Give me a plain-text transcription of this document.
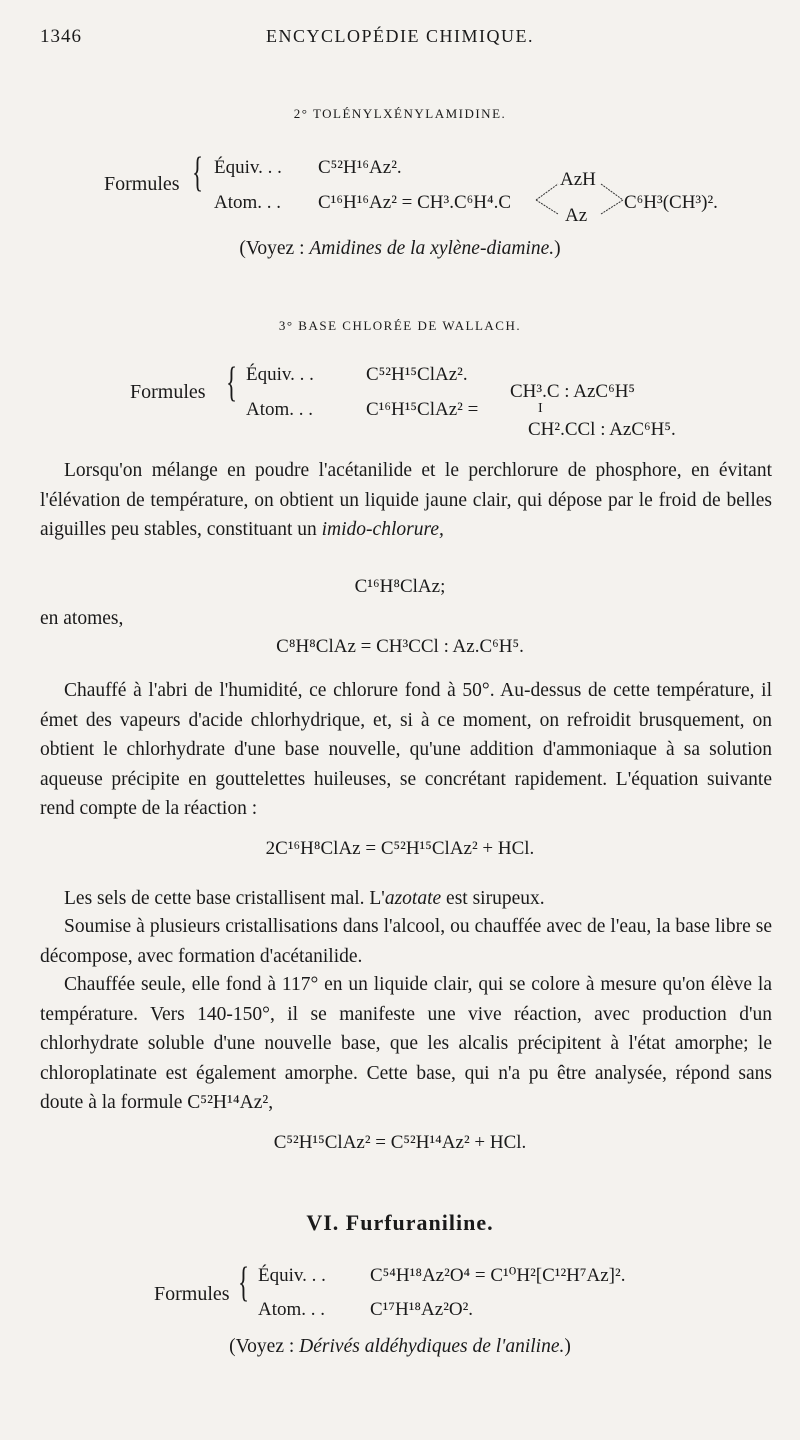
1346	ENCYCLOPÉDIE CHIMIQUE.
2° TOLÉNYLXÉNYLAMIDINE.
Formules { Équiv. . . C⁵²H¹⁶Az².
Atom. . . C¹⁶H¹⁶Az² = CH³.C⁶H⁴.C
AzH
Az
C⁶H³(CH³)².
(Voyez : Amidines de la xylène-diamine.)
3° BASE CHLORÉE DE WALLACH.
Formules { Équiv. . .	C⁵²H¹⁵ClAz².
Atom. . .	C¹⁶H¹⁵ClAz² =
CH³.C : AzC⁶H⁵
I
CH².CCl : AzC⁶H⁵.
Lorsqu'on mélange en poudre l'acétanilide et le perchlorure de phosphore, en évitant l'élévation de température, on obtient un liquide jaune clair, qui dépose par le froid de belles aiguilles peu stables, constituant un imido-chlorure,
C¹⁶H⁸ClAz;
en atomes,
C⁸H⁸ClAz = CH³CCl : Az.C⁶H⁵.
Chauffé à l'abri de l'humidité, ce chlorure fond à 50°. Au-dessus de cette température, il émet des vapeurs d'acide chlorhydrique, et, si à ce moment, on refroidit brusquement, on obtient le chlorhydrate d'une base nouvelle, qu'une addition d'ammoniaque à sa solution aqueuse précipite en gouttelettes huileuses, se concrétant rapidement. L'équation suivante rend compte de la réaction :
2C¹⁶H⁸ClAz = C⁵²H¹⁵ClAz² + HCl.
Les sels de cette base cristallisent mal. L'azotate est sirupeux.
Soumise à plusieurs cristallisations dans l'alcool, ou chauffée avec de l'eau, la base libre se décompose, avec formation d'acétanilide.
Chauffée seule, elle fond à 117° en un liquide clair, qui se colore à mesure qu'on élève la température. Vers 140-150°, il se manifeste une vive réaction, avec production d'un chlorhydrate soluble d'une nouvelle base, que les alcalis précipitent à l'état amorphe; le chloroplatinate est également amorphe. Cette base, qui n'a pu être analysée, répond sans doute à la formule C⁵²H¹⁴Az²,
C⁵²H¹⁵ClAz² = C⁵²H¹⁴Az² + HCl.
VI. Furfuraniline.
Formules { Équiv. . . C⁵⁴H¹⁸Az²O⁴ = C¹⁰H²[C¹²H⁷Az]².
Atom. . . C¹⁷H¹⁸Az²O².
(Voyez : Dérivés aldéhydiques de l'aniline.)
